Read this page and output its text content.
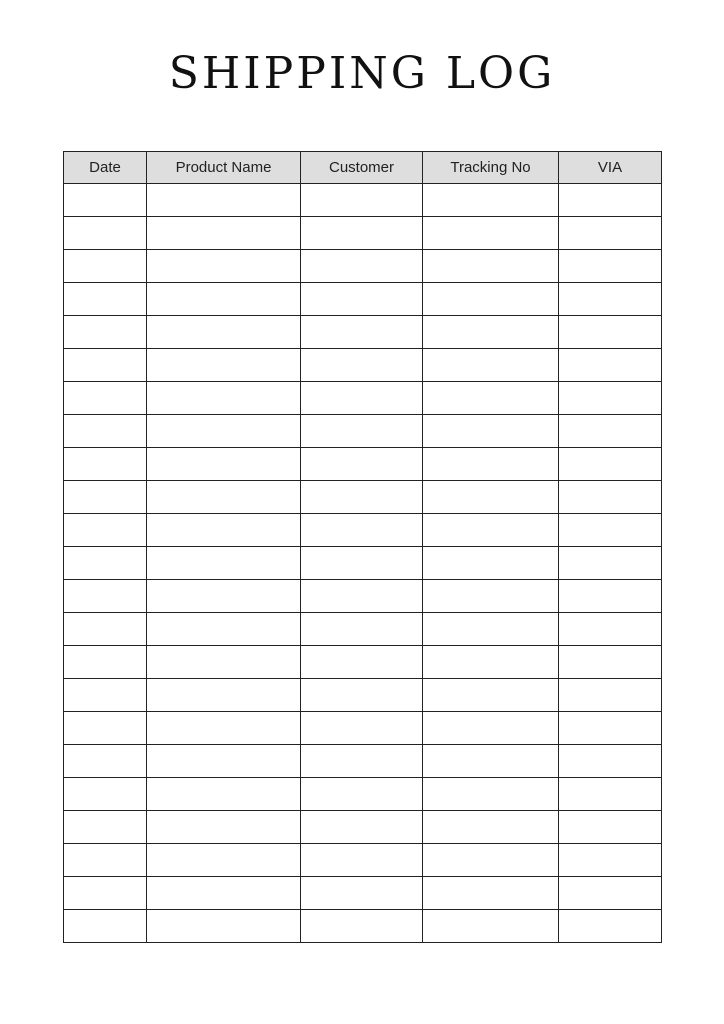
SHIPPING LOG
Date	Product Name	Customer	Tracking No	VIA
